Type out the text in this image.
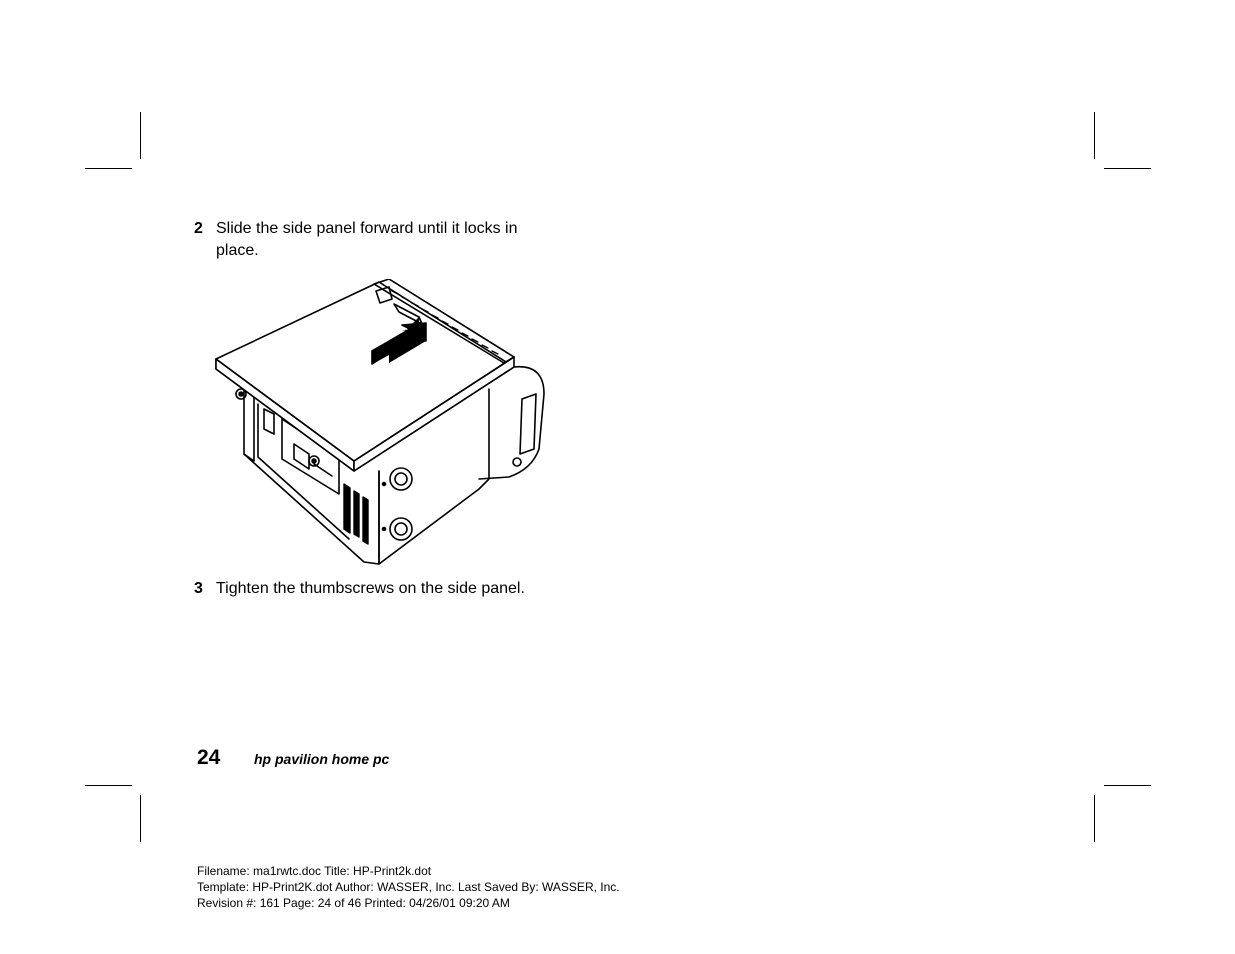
2 Slide the side panel forward until it locks in place.
3 Tighten the thumbscrews on the side panel.
24 hp pavilion home pc
Filename: ma1rwtc.doc Title: HP-Print2k.dot
Template: HP-Print2K.dot Author: WASSER, Inc. Last Saved By: WASSER, Inc.
Revision #: 161 Page: 24 of 46 Printed: 04/26/01 09:20 AM
